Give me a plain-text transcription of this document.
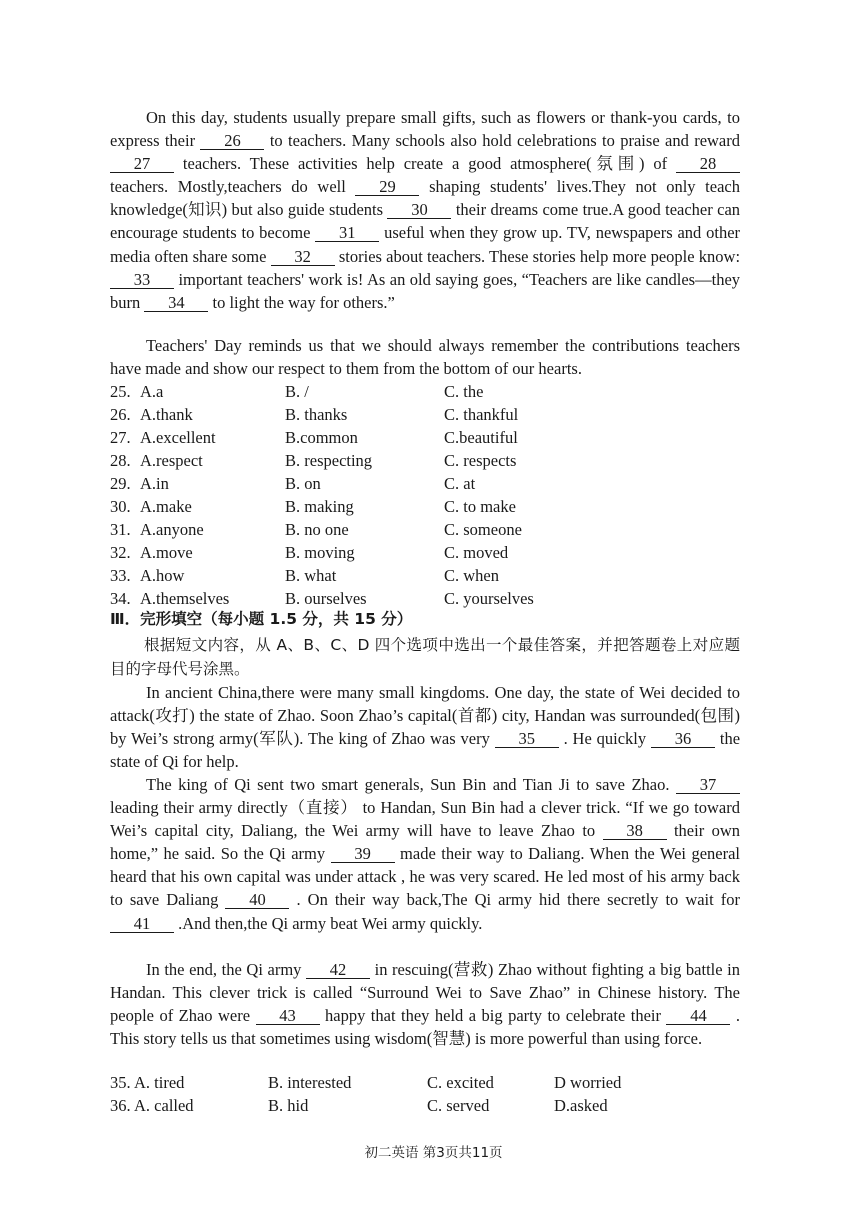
On this day, students usually prepare small gifts, such as flowers or thank-you cards, to express their 26 to teachers. Many schools also hold celebrations to praise and reward 27 teachers. These activities help create a good atmosphere(氛围) of 28 teachers. Mostly,teachers do well 29 shaping students' lives.They not only teach knowledge(知识) but also guide students 30 their dreams come true.A good teacher can encourage students to become 31 useful when they grow up. TV, newspapers and other media often share some 32 stories about teachers. These stories help more people know: 33 important teachers' work is! As an old saying goes, “Teachers are like candles—they burn 34 to light the way for others.”
Teachers' Day reminds us that we should always remember the contributions teachers have made and show our respect to them from the bottom of our hearts.
25. A.a	B. /	C. the
26. A.thank	B. thanks	C. thankful
27. A.excellent	B.common	C.beautiful
28. A.respect	B. respecting	C. respects
29. A.in	B. on	C. at
30. A.make	B. making	C. to make
31. A.anyone	B. no one	C. someone
32. A.move	B. moving	C. moved
33. A.how	B. what	C. when
34. A.themselves	B. ourselves	C. yourselves
Ⅲ．完形填空（每小题 1.5 分，共 15 分）
根据短文内容，从 A、B、C、D 四个选项中选出一个最佳答案，并把答题卷上对应题目的字母代号涂黑。
In ancient China,there were many small kingdoms. One day, the state of Wei decided to attack(攻打) the state of Zhao. Soon Zhao’s capital(首都) city, Handan was surrounded(包围) by Wei’s strong army(军队). The king of Zhao was very 35 . He quickly 36 the state of Qi for help.
The king of Qi sent two smart generals, Sun Bin and Tian Ji to save Zhao. 37 leading their army directly（直接） to Handan, Sun Bin had a clever trick. “If we go toward Wei’s capital city, Daliang, the Wei army will have to leave Zhao to 38 their own home,” he said. So the Qi army 39 made their way to Daliang. When the Wei general heard that his own capital was under attack , he was very scared. He led most of his army back to save Daliang 40 . On their way back,The Qi army hid there secretly to wait for 41 .And then,the Qi army beat Wei army quickly.
In the end, the Qi army 42 in rescuing(营救) Zhao without fighting a big battle in Handan. This clever trick is called “Surround Wei to Save Zhao” in Chinese history. The people of Zhao were 43 happy that they held a big party to celebrate their 44 . This story tells us that sometimes using wisdom(智慧) is more powerful than using force.
35. A. tired	B. interested	C. excited	D worried
36. A. called	B. hid	C. served	D.asked
初二英语 第3页共11页
